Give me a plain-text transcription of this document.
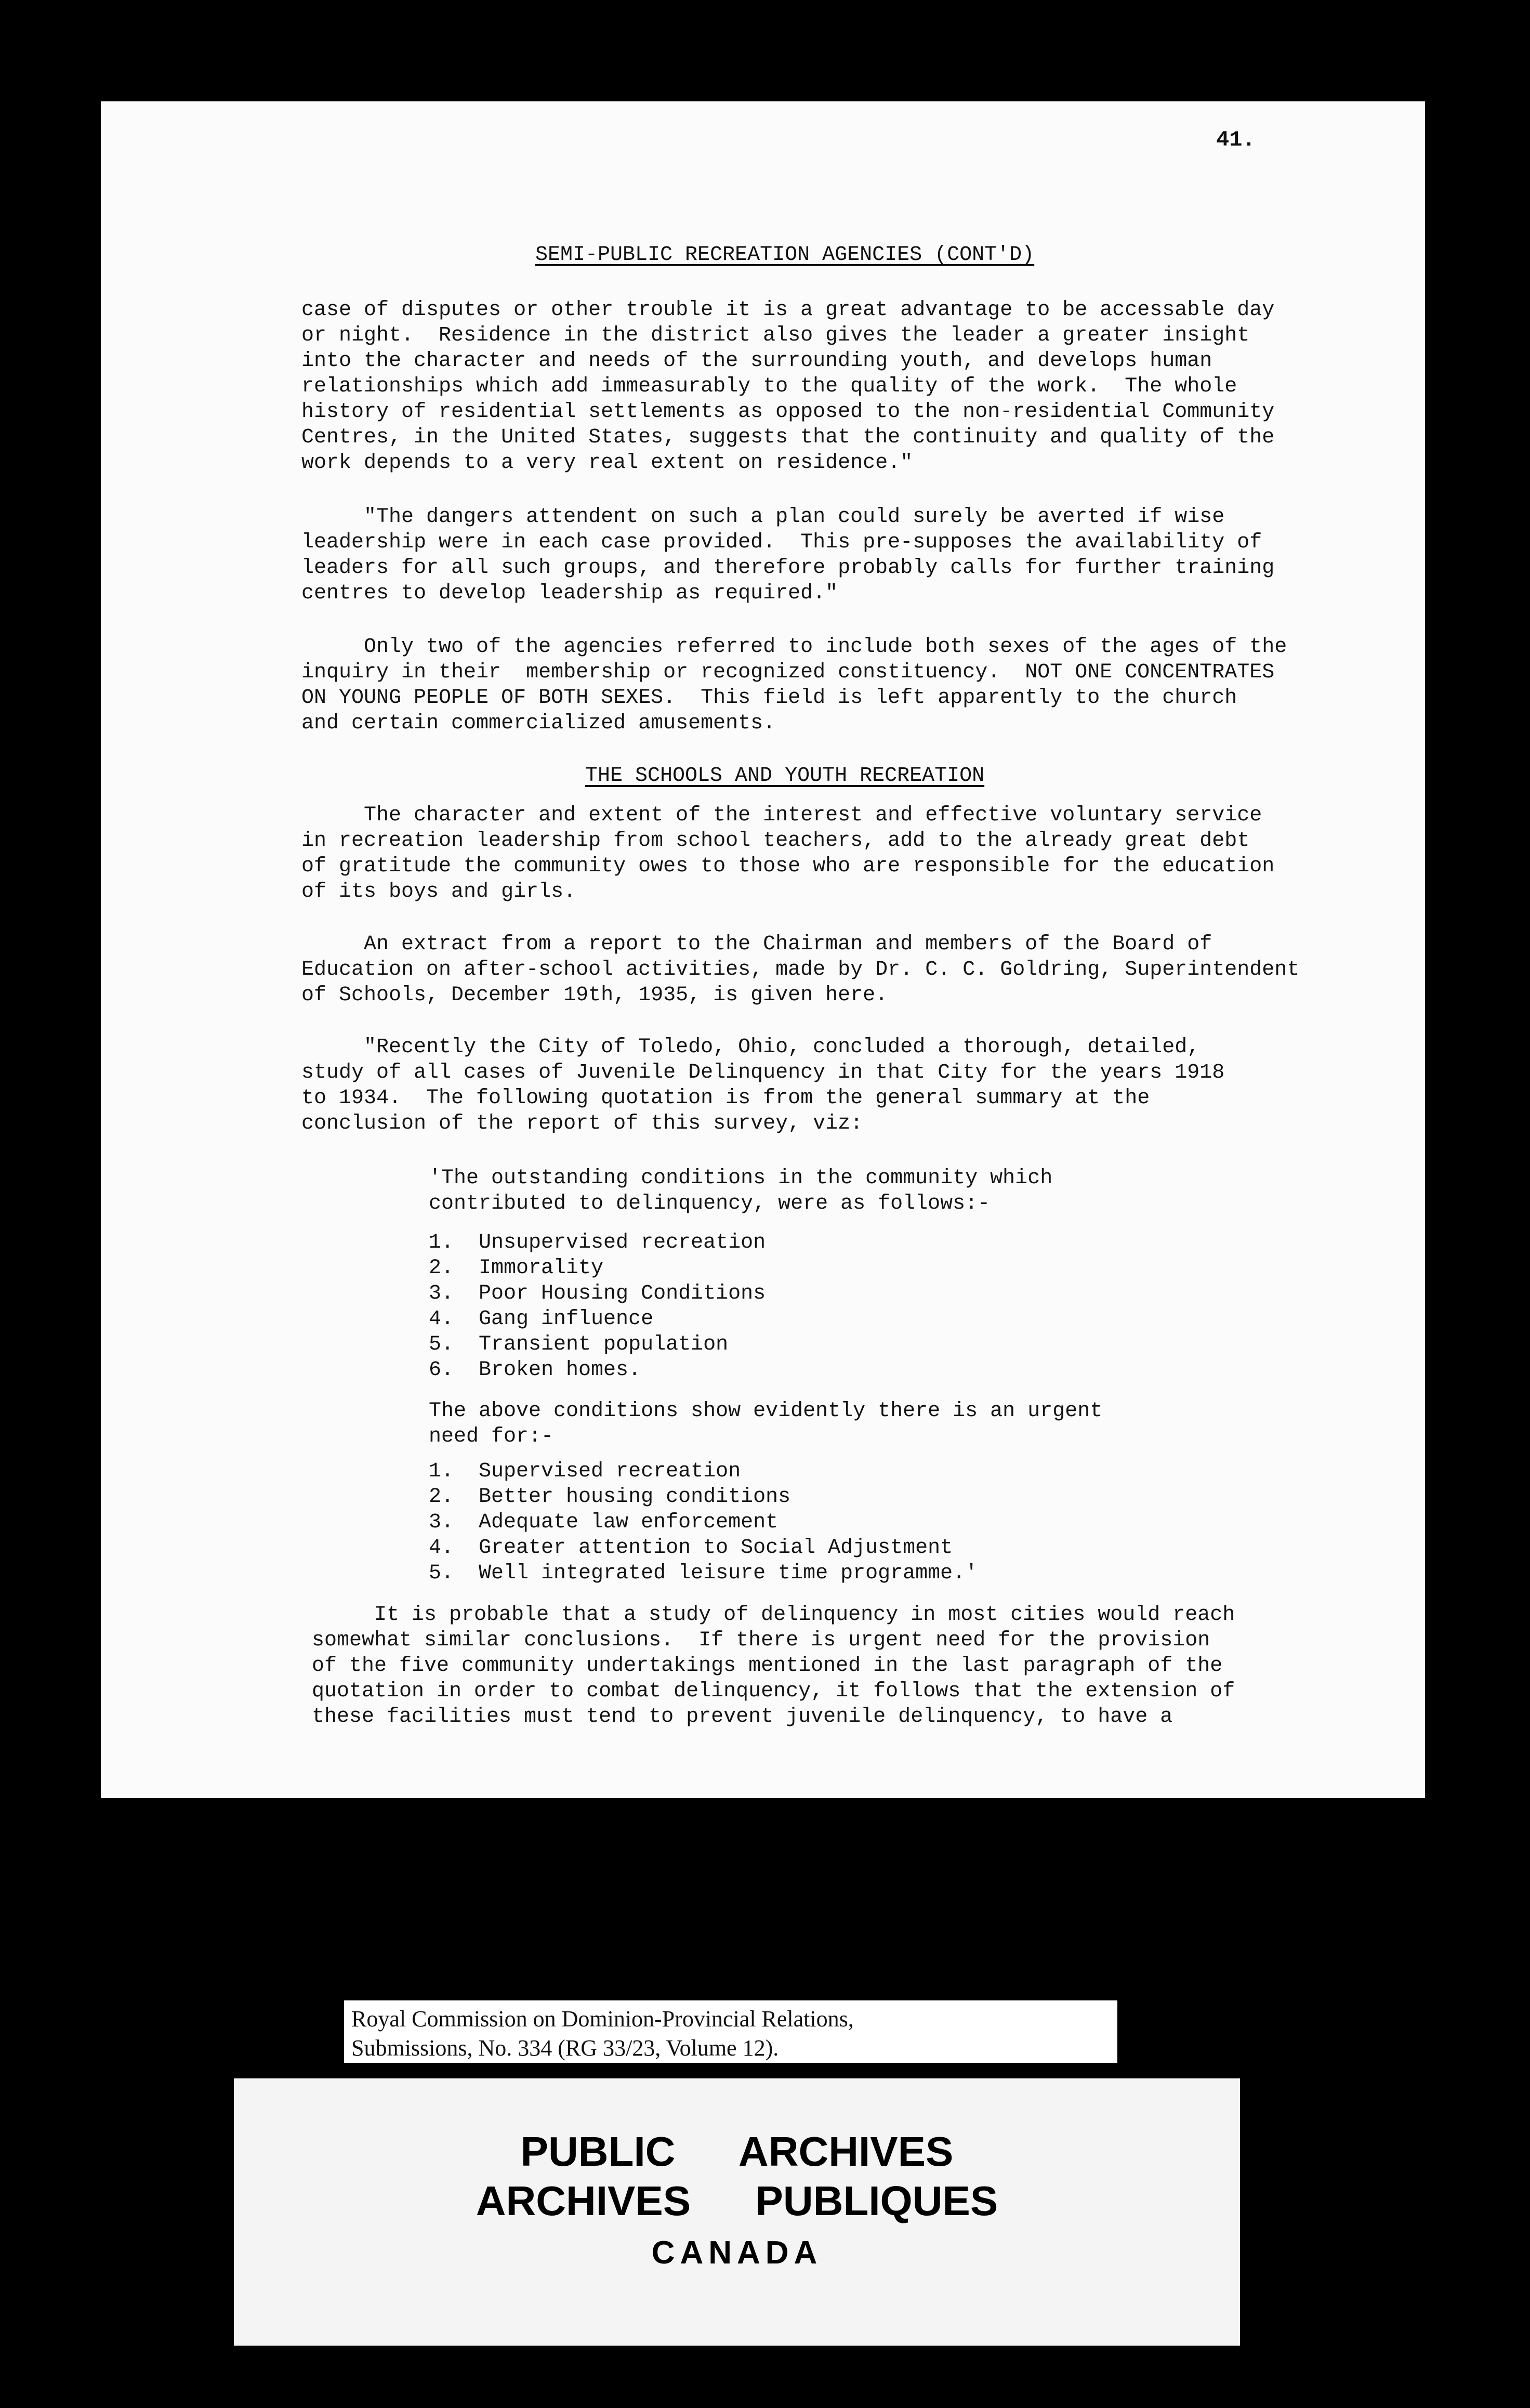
41.
SEMI-PUBLIC RECREATION AGENCIES (CONT'D)

case of disputes or other trouble it is a great advantage to be accessable day
or night.  Residence in the district also gives the leader a greater insight
into the character and needs of the surrounding youth, and develops human
relationships which add immeasurably to the quality of the work.  The whole
history of residential settlements as opposed to the non-residential Community
Centres, in the United States, suggests that the continuity and quality of the
work depends to a very real extent on residence."

"The dangers attendent on such a plan could surely be averted if wise
leadership were in each case provided.  This pre-supposes the availability of
leaders for all such groups, and therefore probably calls for further training
centres to develop leadership as required."

Only two of the agencies referred to include both sexes of the ages of the
inquiry in their  membership or recognized constituency.  NOT ONE CONCENTRATES
ON YOUNG PEOPLE OF BOTH SEXES.  This field is left apparently to the church
and certain commercialized amusements.

THE SCHOOLS AND YOUTH RECREATION

The character and extent of the interest and effective voluntary service
in recreation leadership from school teachers, add to the already great debt
of gratitude the community owes to those who are responsible for the education
of its boys and girls.

An extract from a report to the Chairman and members of the Board of
Education on after-school activities, made by Dr. C. C. Goldring, Superintendent
of Schools, December 19th, 1935, is given here.

"Recently the City of Toledo, Ohio, concluded a thorough, detailed,
study of all cases of Juvenile Delinquency in that City for the years 1918
to 1934.  The following quotation is from the general summary at the
conclusion of the report of this survey, viz:

'The outstanding conditions in the community which
contributed to delinquency, were as follows:-

1.  Unsupervised recreation
2.  Immorality
3.  Poor Housing Conditions
4.  Gang influence
5.  Transient population
6.  Broken homes.

The above conditions show evidently there is an urgent
need for:-

1.  Supervised recreation
2.  Better housing conditions
3.  Adequate law enforcement
4.  Greater attention to Social Adjustment
5.  Well integrated leisure time programme.'

It is probable that a study of delinquency in most cities would reach
somewhat similar conclusions.  If there is urgent need for the provision
of the five community undertakings mentioned in the last paragraph of the
quotation in order to combat delinquency, it follows that the extension of
these facilities must tend to prevent juvenile delinquency, to have a

Royal Commission on Dominion-Provincial Relations,
Submissions, No. 334 (RG 33/23, Volume 12).
PUBLIC  ARCHIVES
ARCHIVES  PUBLIQUES
CANADA
